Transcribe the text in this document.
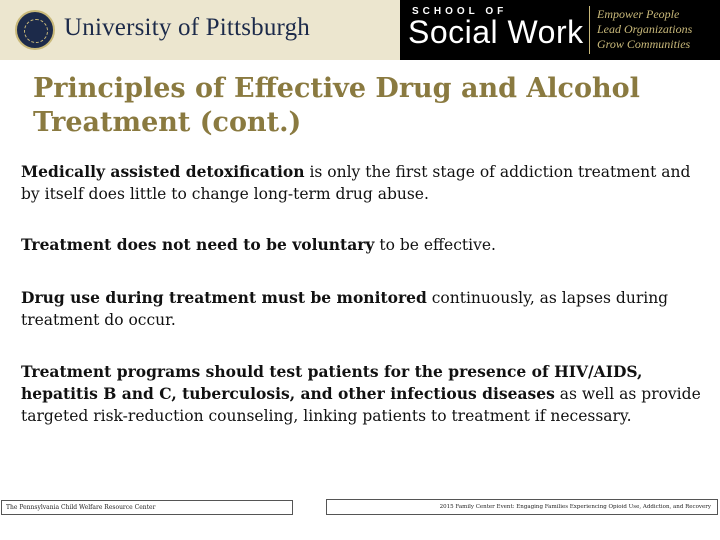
University of Pittsburgh
SCHOOL OF
Social Work Empower People
Lead Organizations
Grow Communities
Principles of Effective Drug and Alcohol
Treatment (cont.)
Medically assisted detoxification is only the first stage of addiction treatment and by itself does little to change long-term drug abuse.
Treatment does not need to be voluntary to be effective.
Drug use during treatment must be monitored continuously, as lapses during treatment do occur.
Treatment programs should test patients for the presence of HIV/AIDS, hepatitis B and C, tuberculosis, and other infectious diseases as well as provide targeted risk-reduction counseling, linking patients to treatment if necessary.
The Pennsylvania Child Welfare Resource Center	2015 Family Center Event: Engaging Families Experiencing Opioid Use, Addiction, and Recovery
